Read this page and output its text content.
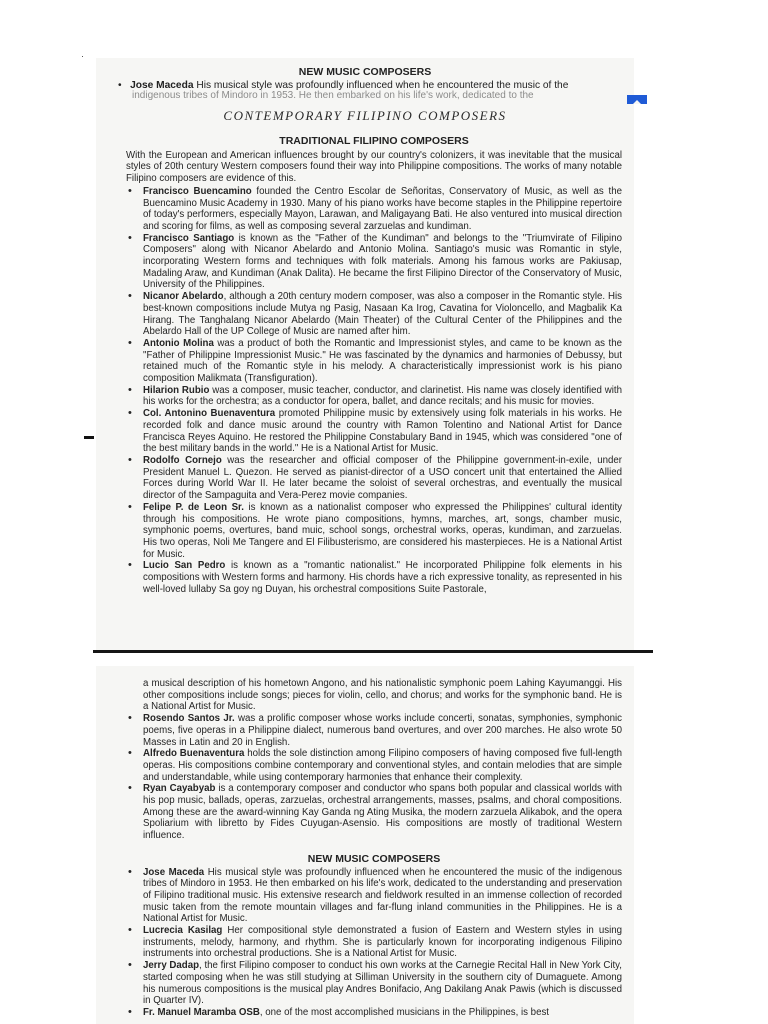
NEW MUSIC COMPOSERS
•   Jose Maceda His musical style was profoundly influenced when he encountered the music of the
indigenous tribes of Mindoro in 1953. He then embarked on his life's work, dedicated to the
CONTEMPORARY FILIPINO COMPOSERS

TRADITIONAL FILIPINO COMPOSERS

With the European and American influences brought by our country's colonizers, it was inevitable that the musical styles of 20th century Western composers found their way into Philippine compositions. The works of many notable Filipino composers are evidence of this.

• Francisco Buencamino founded the Centro Escolar de Señoritas, Conservatory of Music, as well as the Buencamino Music Academy in 1930. Many of his piano works have become staples in the Philippine repertoire of today's performers, especially Mayon, Larawan, and Maligayang Bati. He also ventured into musical direction and scoring for films, as well as composing several zarzuelas and kundiman.
• Francisco Santiago is known as the "Father of the Kundiman" and belongs to the "Triumvirate of Filipino Composers" along with Nicanor Abelardo and Antonio Molina. Santiago's music was Romantic in style, incorporating Western forms and techniques with folk materials. Among his famous works are Pakiusap, Madaling Araw, and Kundiman (Anak Dalita). He became the first Filipino Director of the Conservatory of Music, University of the Philippines.
• Nicanor Abelardo, although a 20th century modern composer, was also a composer in the Romantic style. His best-known compositions include Mutya ng Pasig, Nasaan Ka Irog, Cavatina for Violoncello, and Magbalik Ka Hirang. The Tanghalang Nicanor Abelardo (Main Theater) of the Cultural Center of the Philippines and the Abelardo Hall of the UP College of Music are named after him.
• Antonio Molina was a product of both the Romantic and Impressionist styles, and came to be known as the "Father of Philippine Impressionist Music." He was fascinated by the dynamics and harmonies of Debussy, but retained much of the Romantic style in his melody. A characteristically impressionist work is his piano composition Malikmata (Transfiguration).
• Hilarion Rubio was a composer, music teacher, conductor, and clarinetist. His name was closely identified with his works for the orchestra; as a conductor for opera, ballet, and dance recitals; and his music for movies.
• Col. Antonino Buenaventura promoted Philippine music by extensively using folk materials in his works. He recorded folk and dance music around the country with Ramon Tolentino and National Artist for Dance Francisca Reyes Aquino. He restored the Philippine Constabulary Band in 1945, which was considered "one of the best military bands in the world." He is a National Artist for Music.
• Rodolfo Cornejo was the researcher and official composer of the Philippine government-in-exile, under President Manuel L. Quezon. He served as pianist-director of a USO concert unit that entertained the Allied Forces during World War II. He later became the soloist of several orchestras, and eventually the musical director of the Sampaguita and Vera-Perez movie companies.
• Felipe P. de Leon Sr. is known as a nationalist composer who expressed the Philippines' cultural identity through his compositions. He wrote piano compositions, hymns, marches, art, songs, chamber music, symphonic poems, overtures, band muic, school songs, orchestral works, operas, kundiman, and zarzuelas. His two operas, Noli Me Tangere and El Filibusterismo, are considered his masterpieces. He is a National Artist for Music.
• Lucio San Pedro is known as a "romantic nationalist." He incorporated Philippine folk elements in his compositions with Western forms and harmony. His chords have a rich expressive tonality, as represented in his well-loved lullaby Sa goy ng Duyan, his orchestral compositions Suite Pastorale,

a musical description of his hometown Angono, and his nationalistic symphonic poem Lahing Kayumanggi. His other compositions include songs; pieces for violin, cello, and chorus; and works for the symphonic band. He is a National Artist for Music.

• Rosendo Santos Jr. was a prolific composer whose works include concerti, sonatas, symphonies, symphonic poems, five operas in a Philippine dialect, numerous band overtures, and over 200 marches. He also wrote 50 Masses in Latin and 20 in English.
• Alfredo Buenaventura holds the sole distinction among Filipino composers of having composed five full-length operas. His compositions combine contemporary and conventional styles, and contain melodies that are simple and understandable, while using contemporary harmonies that enhance their complexity.
• Ryan Cayabyab is a contemporary composer and conductor who spans both popular and classical worlds with his pop music, ballads, operas, zarzuelas, orchestral arrangements, masses, psalms, and choral compositions. Among these are the award-winning Kay Ganda ng Ating Musika, the modern zarzuela Alikabok, and the opera Spoliarium with libretto by Fides Cuyugan-Asensio. His compositions are mostly of traditional Western influence.

NEW MUSIC COMPOSERS

• Jose Maceda His musical style was profoundly influenced when he encountered the music of the indigenous tribes of Mindoro in 1953. He then embarked on his life's work, dedicated to the understanding and preservation of Filipino traditional music. His extensive research and fieldwork resulted in an immense collection of recorded music taken from the remote mountain villages and far-flung inland communities in the Philippines. He is a National Artist for Music.
• Lucrecia Kasilag Her compositional style demonstrated a fusion of Eastern and Western styles in using instruments, melody, harmony, and rhythm. She is particularly known for incorporating indigenous Filipino instruments into orchestral productions. She is a National Artist for Music.
• Jerry Dadap, the first Filipino composer to conduct his own works at the Carnegie Recital Hall in New York City, started composing when he was still studying at Silliman University in the southern city of Dumaguete. Among his numerous compositions is the musical play Andres Bonifacio, Ang Dakilang Anak Pawis (which is discussed in Quarter IV).
• Fr. Manuel Maramba OSB, one of the most accomplished musicians in the Philippines, is best
